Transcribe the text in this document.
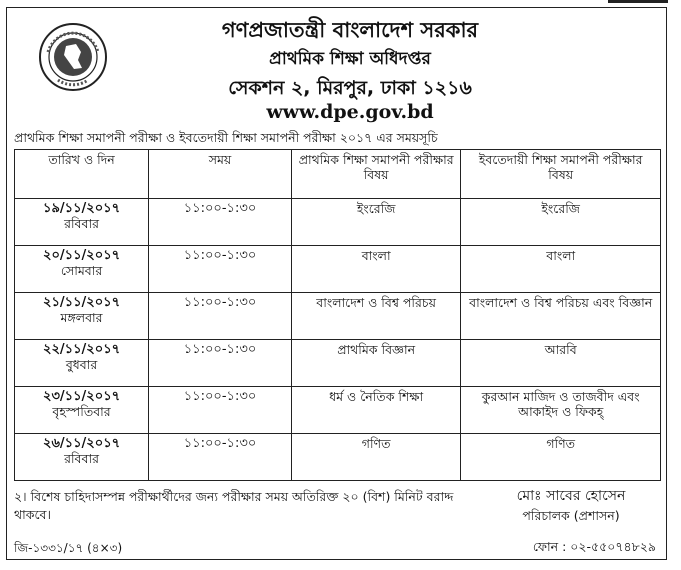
গণপ্রজাতন্ত্রী বাংলাদেশ সরকার
প্রাথমিক শিক্ষা অধিদপ্তর
সেকশন ২, মিরপুর, ঢাকা ১২১৬
www.dpe.gov.bd
প্রাথমিক শিক্ষা সমাপনী পরীক্ষা ও ইবতেদায়ী শিক্ষা সমাপনী পরীক্ষা ২০১৭ এর সময়সূচি
তারিখ ও দিন	সময়	প্রাথমিক শিক্ষা সমাপনী পরীক্ষার বিষয়	ইবতেদায়ী শিক্ষা সমাপনী পরীক্ষার বিষয়

১৯/১১/২০১৭
রবিবার	১১:০০-১:৩০	ইংরেজি	ইংরেজি

২০/১১/২০১৭
সোমবার	১১:০০-১:৩০	বাংলা	বাংলা

২১/১১/২০১৭
মঙ্গলবার	১১:০০-১:৩০	বাংলাদেশ ও বিশ্ব পরিচয়	বাংলাদেশ ও বিশ্ব পরিচয় এবং বিজ্ঞান

২২/১১/২০১৭
বুধবার	১১:০০-১:৩০	প্রাথমিক বিজ্ঞান	আরবি

২৩/১১/২০১৭
বৃহস্পতিবার	১১:০০-১:৩০	ধর্ম ও নৈতিক শিক্ষা	কুরআন মাজিদ ও তাজবীদ এবং আকাইদ ও ফিকহ্

২৬/১১/২০১৭
রবিবার	১১:০০-১:৩০	গণিত	গণিত
২। বিশেষ চাহিদাসম্পন্ন পরীক্ষার্থীদের জন্য পরীক্ষার সময় অতিরিক্ত ২০ (বিশ) মিনিট বরাদ্দ থাকবে।
মোঃ সাবের হোসেন
পরিচালক (প্রশাসন)
জি-১৩৩১/১৭ (৪×৩)	ফোন : ০২-৫৫০৭৪৮২৯
